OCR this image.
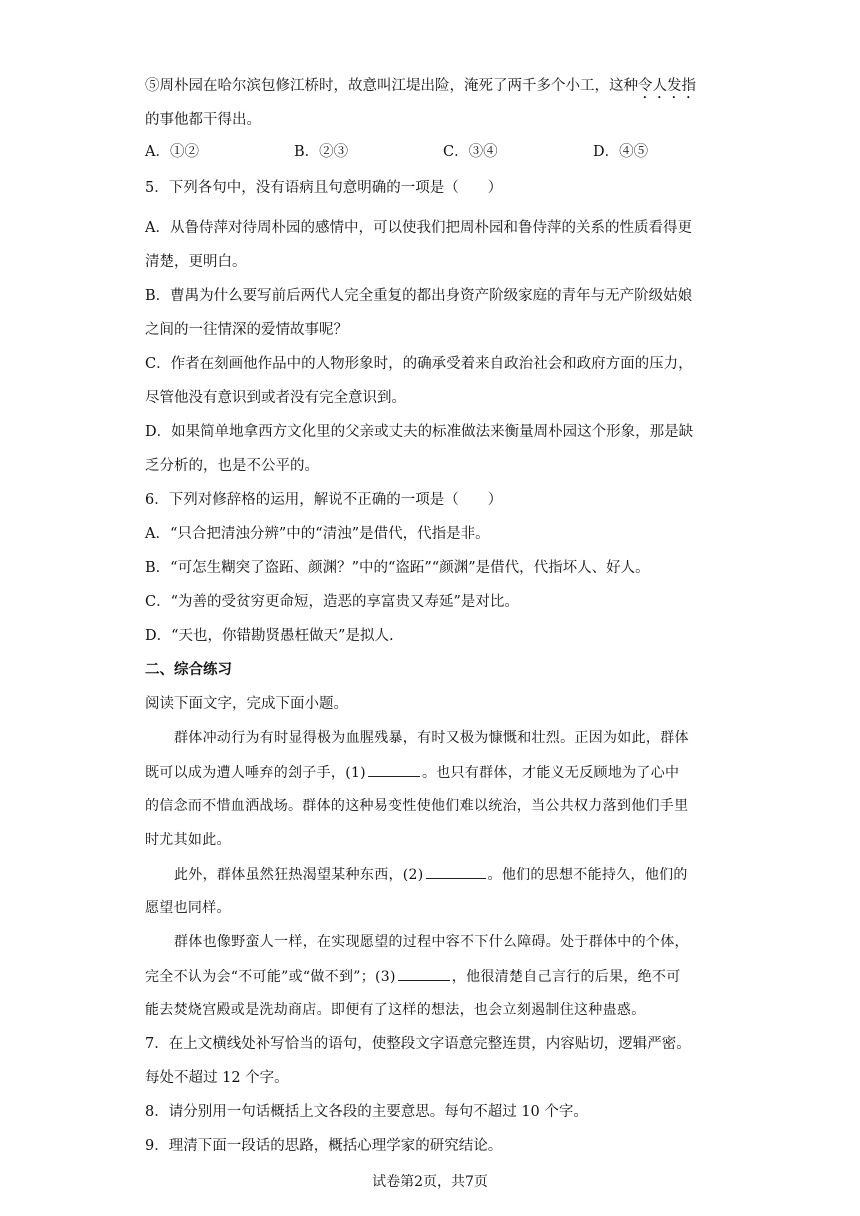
⑤周朴园在哈尔滨包修江桥时，故意叫江堤出险，淹死了两千多个小工，这种令人发指
的事他都干得出。
A．①②	B．②③	C．③④	D．④⑤
5．下列各句中，没有语病且句意明确的一项是（　　）
A．从鲁侍萍对待周朴园的感情中，可以使我们把周朴园和鲁侍萍的关系的性质看得更
清楚，更明白。
B．曹禺为什么要写前后两代人完全重复的都出身资产阶级家庭的青年与无产阶级姑娘
之间的一往情深的爱情故事呢？
C．作者在刻画他作品中的人物形象时，的确承受着来自政治社会和政府方面的压力，
尽管他没有意识到或者没有完全意识到。
D．如果简单地拿西方文化里的父亲或丈夫的标准做法来衡量周朴园这个形象，那是缺
乏分析的，也是不公平的。
6．下列对修辞格的运用，解说不正确的一项是（　　）
A．“只合把清浊分辨”中的“清浊”是借代，代指是非。
B．“可怎生糊突了盗跖、颜渊？”中的“盗跖”“颜渊”是借代，代指坏人、好人。
C．“为善的受贫穷更命短，造恶的享富贵又寿延”是对比。
D．“天也，你错勘贤愚枉做天”是拟人.
二、综合练习
阅读下面文字，完成下面小题。
群体冲动行为有时显得极为血腥残暴，有时又极为慷慨和壮烈。正因为如此，群体
既可以成为遭人唾弃的刽子手，(1)	。也只有群体，才能义无反顾地为了心中
的信念而不惜血洒战场。群体的这种易变性使他们难以统治，当公共权力落到他们手里
时尤其如此。
此外，群体虽然狂热渴望某种东西，(2)	。他们的思想不能持久，他们的
愿望也同样。
群体也像野蛮人一样，在实现愿望的过程中容不下什么障碍。处于群体中的个体，
完全不认为会“不可能”或“做不到”；(3)	，他很清楚自己言行的后果，绝不可
能去焚烧宫殿或是洗劫商店。即便有了这样的想法，也会立刻遏制住这种蛊惑。
7．在上文横线处补写恰当的语句，使整段文字语意完整连贯，内容贴切，逻辑严密。
每处不超过 12 个字。
8．请分别用一句话概括上文各段的主要意思。每句不超过 10 个字。
9．理清下面一段话的思路，概括心理学家的研究结论。
试卷第2页，共7页
